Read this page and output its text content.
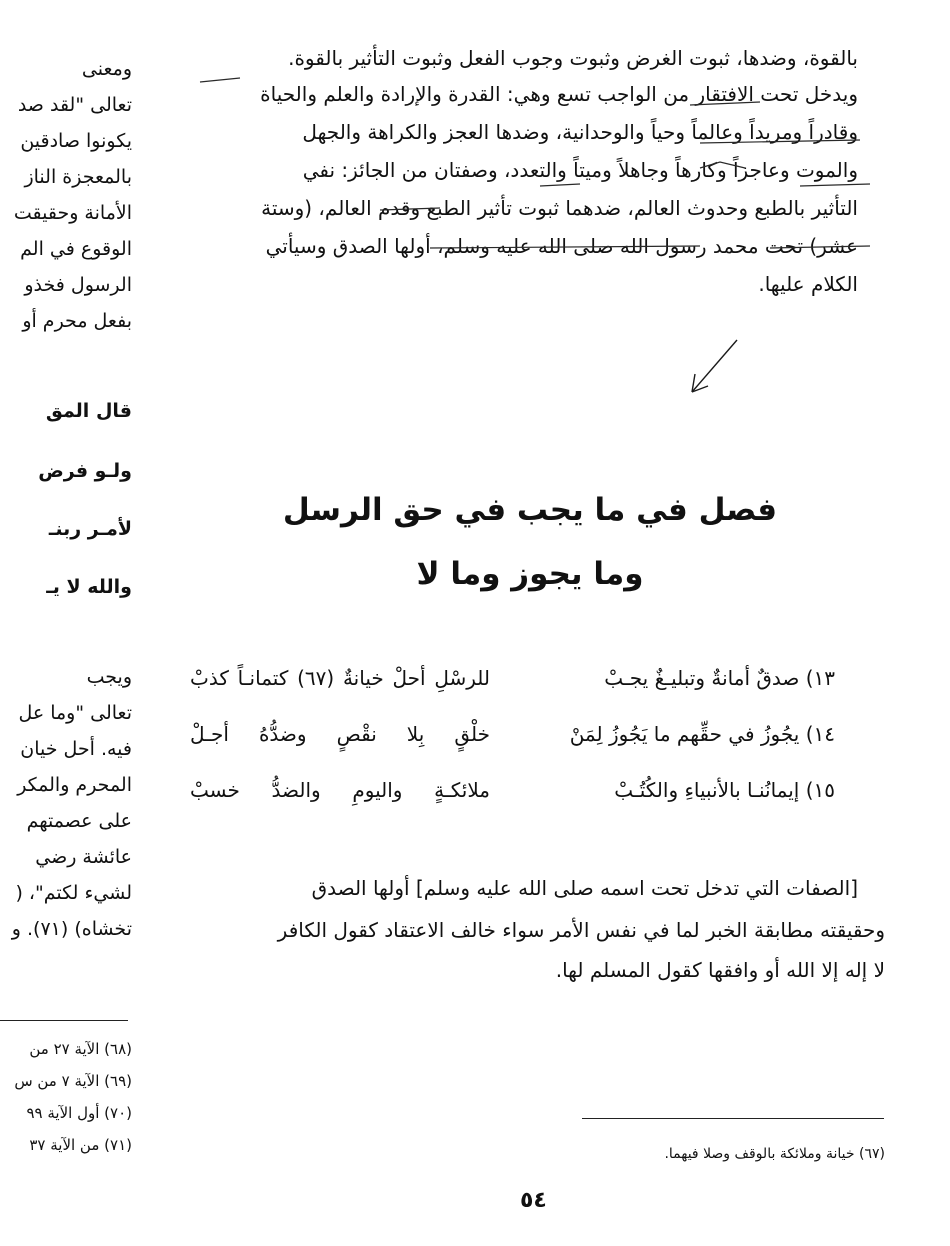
ومعنى
تعالى "لقد صد
يكونوا صادقين
بالمعجزة الناز
الأمانة وحقيقت
الوقوع في الم
الرسول فخذو
بفعل محرم أو
قال المق
ولـو فرض
لأمـر ربنـ
والله لا يـ
ويجب
تعالى "وما عل
فيه. أحل خيان
المحرم والمكر
على عصمتهم
عائشة رضي
لشيء لكتم"، (
تخشاه) (٧١). و
(٦٨) الآية ٢٧ من
(٦٩) الآية ٧ من س
(٧٠) أول الآية ٩٩
(٧١) من الآية ٣٧
بالقوة، وضدها، ثبوت الغرض وثبوت وجوب الفعل وثبوت التأثير بالقوة.
ويدخل تحت الافتقار من الواجب تسع وهي: القدرة والإرادة والعلم والحياة
وقادراً ومريداً وعالماً وحياً والوحدانية، وضدها العجز والكراهة والجهل
والموت وعاجزاً وكارهاً وجاهلاً وميتاً والتعدد، وصفتان من الجائز: نفي
التأثير بالطبع وحدوث العالم، ضدهما ثبوت تأثير الطبع وقدم العالم، (وستة
عشر) تحت محمد رسول الله صلى الله عليه وسلم، أولها الصدق وسيأتي
الكلام عليها.
فصل في ما يجب في حق الرسل
وما يجوز وما لا
١٣) صدقٌ أمانةٌ وتبليـغٌ يجـبْ
للرسْلِ أحلْ خيانةٌ (٦٧) كتمانـاً كذبْ
١٤) يجُوزُ في حقِّهم ما يَجُوزُ لِمَنْ
خلْقٍ بِلا نقْصٍ وضدُّهُ أجـلْ
١٥) إيمانُنـا بالأنبياءِ والكُتُـبْ
ملائكـةٍ واليومِ والضدُّ خسبْ
[الصفات التي تدخل تحت اسمه صلى الله عليه وسلم] أولها الصدق
وحقيقته مطابقة الخبر لما في نفس الأمر سواء خالف الاعتقاد كقول الكافر
لا إله إلا الله أو وافقها كقول المسلم لها.
(٦٧) خيانة وملائكة بالوقف وصلا فيهما.
٥٤
